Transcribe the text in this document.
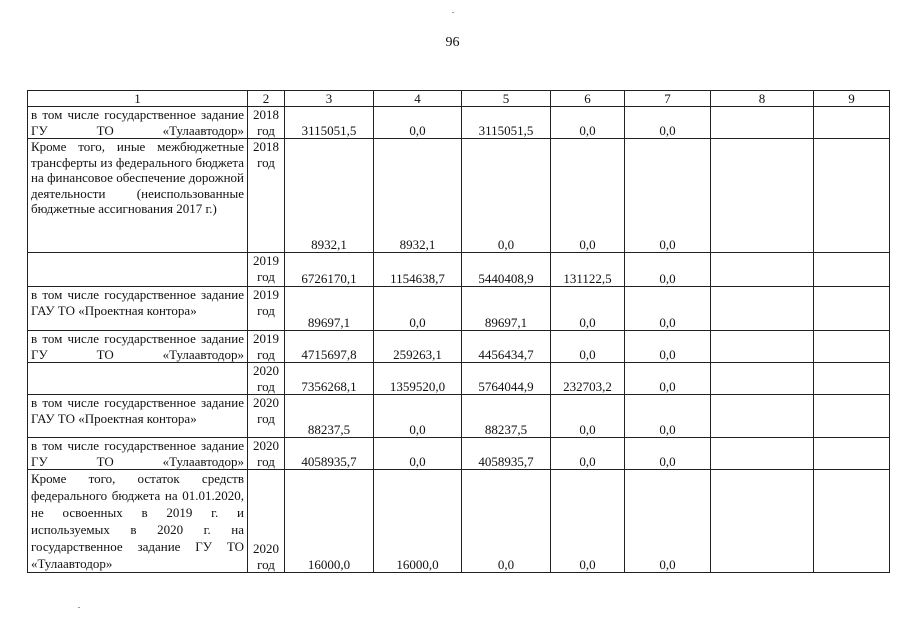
96
1	2	3	4	5	6	7	8	9
в том числе государственное задание ГУ ТО «Тулаавтодор»	2018 год	3115051,5	0,0	3115051,5	0,0	0,0		
Кроме того, иные межбюджетные трансферты из федерального бюджета на финансовое обеспечение дорожной деятельности (неиспользованные бюджетные ассигнования 2017 г.)	2018 год	8932,1	8932,1	0,0	0,0	0,0		
	2019 год	6726170,1	1154638,7	5440408,9	131122,5	0,0		
в том числе государственное задание ГАУ ТО «Проектная контора»	2019 год	89697,1	0,0	89697,1	0,0	0,0		
в том числе государственное задание ГУ ТО «Тулаавтодор»	2019 год	4715697,8	259263,1	4456434,7	0,0	0,0		
	2020 год	7356268,1	1359520,0	5764044,9	232703,2	0,0		
в том числе государственное задание ГАУ ТО «Проектная контора»	2020 год	88237,5	0,0	88237,5	0,0	0,0		
в том числе государственное задание ГУ ТО «Тулаавтодор»	2020 год	4058935,7	0,0	4058935,7	0,0	0,0		
Кроме того, остаток средств федерального бюджета на 01.01.2020, не освоенных в 2019 г. и используемых в 2020 г. на государственное задание ГУ ТО «Тулаавтодор»	2020 год	16000,0	16000,0	0,0	0,0	0,0		
